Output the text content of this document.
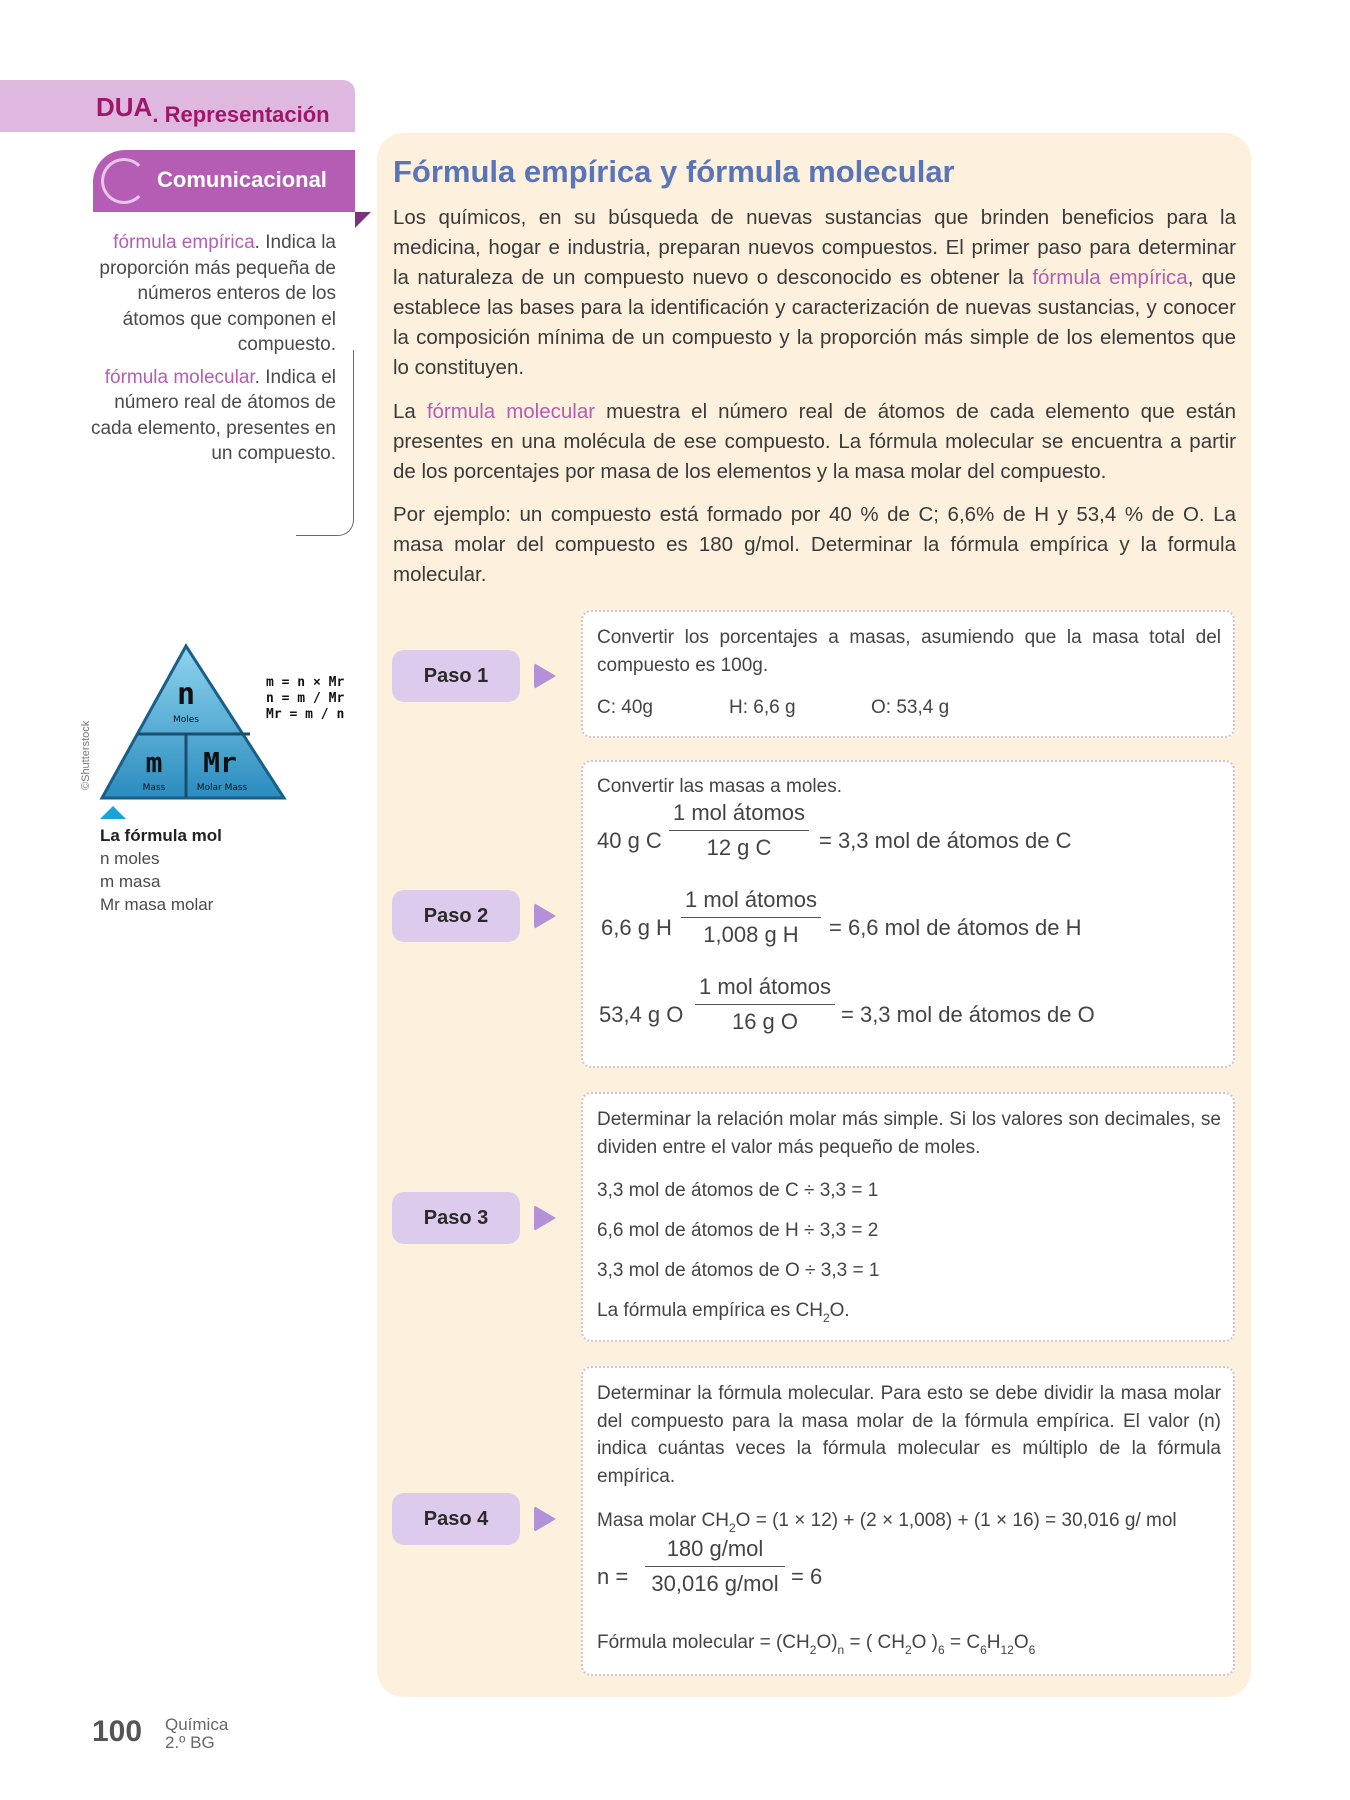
$DUA_{. Representación}$
Comunicacional

fórmula empírica. Indica la proporción más pequeña de números enteros de los átomos que componen el compuesto.

fórmula molecular. Indica el número real de átomos de cada elemento, presentes en un compuesto.

n
Moles
m
Mass
Mr
Molar Mass
m = n × Mr
n = m / Mr
Mr = m / n
©Shutterstock
La fórmula mol
n moles
m masa
Mr masa molar
Fórmula empírica y fórmula molecular
Los químicos, en su búsqueda de nuevas sustancias que brinden beneficios para la medicina, hogar e industria, preparan nuevos compuestos. El primer paso para determinar la naturaleza de un compuesto nuevo o desconocido es obtener la fórmula empírica, que establece las bases para la identificación y caracterización de nuevas sustancias, y conocer la composición mínima de un compuesto y la proporción más simple de los elementos que lo constituyen.
La fórmula molecular muestra el número real de átomos de cada elemento que están presentes en una molécula de ese compuesto. La fórmula molecular se encuentra a partir de los porcentajes por masa de los elementos y la masa molar del compuesto.
Por ejemplo: un compuesto está formado por 40 % de C; 6,6% de H y 53,4 % de O. La masa molar del compuesto es 180 g/mol. Determinar la fórmula empírica y la formula molecular.
Paso 1
Convertir los porcentajes a masas, asumiendo que la masa total del compuesto es 100g.
C: 40g	H: 6,6 g	O: 53,4 g
Paso 2
Convertir las masas a moles.
40 g C
1 mol átomos
12 g C	= 3,3 mol de átomos de C
6,6 g H
1 mol átomos
1,008 g H	= 6,6 mol de átomos de H
53,4 g O
1 mol átomos
16 g O	= 3,3 mol de átomos de O
Paso 3
Determinar la relación molar más simple. Si los valores son decimales, se dividen entre el valor más pequeño de moles.
3,3 mol de átomos de C ÷ 3,3 = 1
6,6 mol de átomos de H ÷ 3,3 = 2
3,3 mol de átomos de O ÷ 3,3 = 1
La fórmula empírica es $CH_2O$.
Paso 4
Determinar la fórmula molecular. Para esto se debe dividir la masa molar del compuesto para la masa molar de la fórmula empírica. El valor (n) indica cuántas veces la fórmula molecular es múltiplo de la fórmula empírica.
Masa molar $CH_2O = (1 \times 12) + (2 \times 1,008) + (1 \times 16) = 30,016$ g/ mol
n =
180 g/mol
30,016 g/mol = 6
Fórmula molecular = $(CH_2O)_n$ = ( $CH_2O$ )$_6 = C_6H_{12}O_6$
100 Química
2.º BG
